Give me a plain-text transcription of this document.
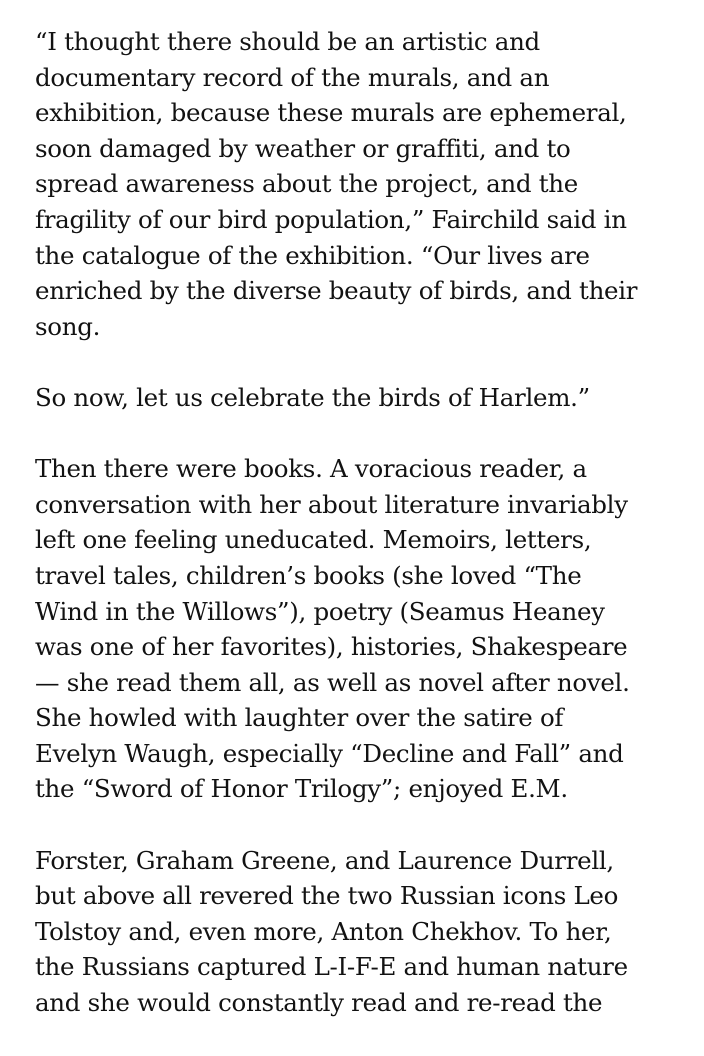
“I thought there should be an artistic and
documentary record of the murals, and an
exhibition, because these murals are ephemeral,
soon damaged by weather or graffiti, and to
spread awareness about the project, and the
fragility of our bird population,” Fairchild said in
the catalogue of the exhibition. “Our lives are
enriched by the diverse beauty of birds, and their
song.

So now, let us celebrate the birds of Harlem.”

Then there were books. A voracious reader, a
conversation with her about literature invariably
left one feeling uneducated. Memoirs, letters,
travel tales, children’s books (she loved “The
Wind in the Willows”), poetry (Seamus Heaney
was one of her favorites), histories, Shakespeare
— she read them all, as well as novel after novel.
She howled with laughter over the satire of
Evelyn Waugh, especially “Decline and Fall” and
the “Sword of Honor Trilogy”; enjoyed E.M.

Forster, Graham Greene, and Laurence Durrell,
but above all revered the two Russian icons Leo
Tolstoy and, even more, Anton Chekhov. To her,
the Russians captured L-I-F-E and human nature
and she would constantly read and re-read the
